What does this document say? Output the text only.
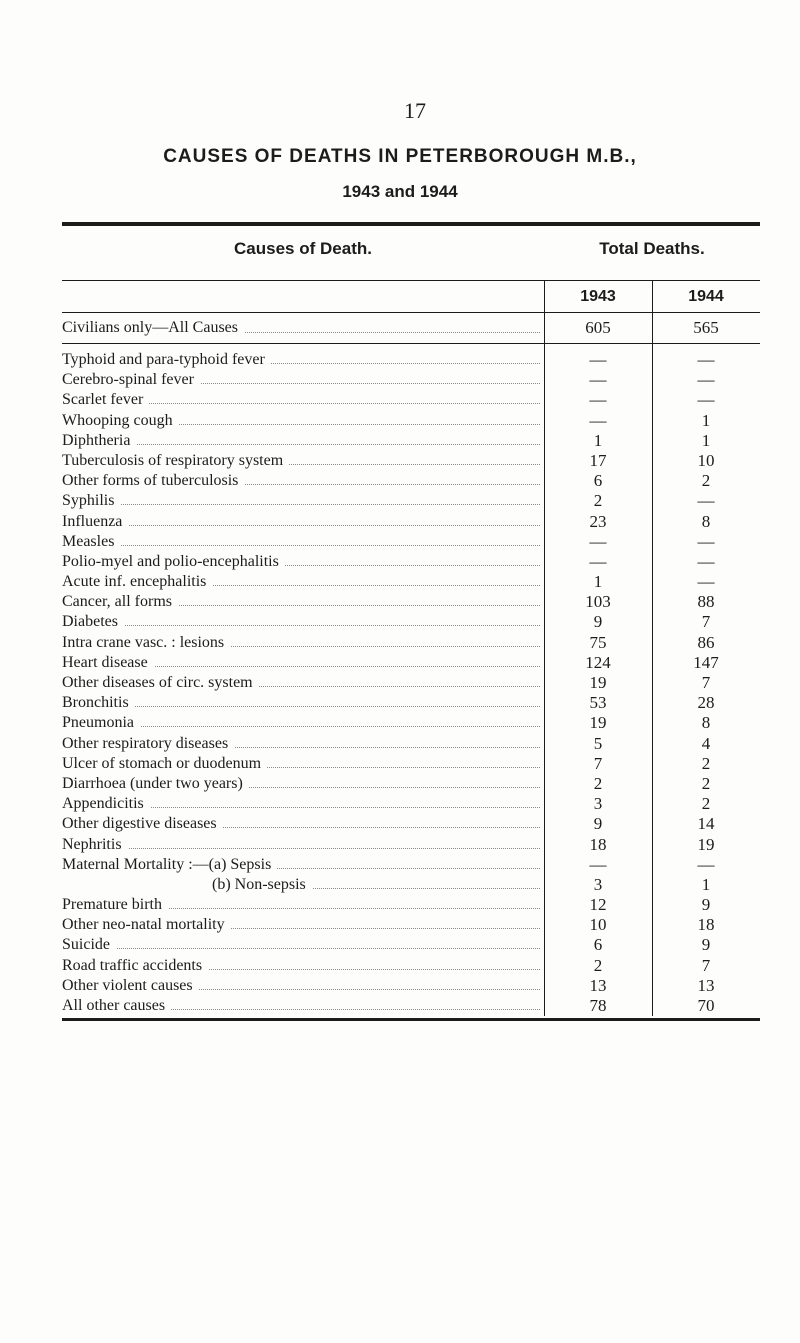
17
CAUSES OF DEATHS IN PETERBOROUGH M.B.,
1943 and 1944
Causes of Death.	Total Deaths.
1943	1944
Civilians only—All Causes	605	565
Typhoid and para-typhoid fever	—	—
Cerebro-spinal fever	—	—
Scarlet fever	—	—
Whooping cough	—	1
Diphtheria	1	1
Tuberculosis of respiratory system	17	10
Other forms of tuberculosis	6	2
Syphilis	2	—
Influenza	23	8
Measles	—	—
Polio-myel and polio-encephalitis	—	—
Acute inf. encephalitis	1	—
Cancer, all forms	103	88
Diabetes	9	7
Intra crane vasc. : lesions	75	86
Heart disease	124	147
Other diseases of circ. system	19	7
Bronchitis	53	28
Pneumonia	19	8
Other respiratory diseases	5	4
Ulcer of stomach or duodenum	7	2
Diarrhoea (under two years)	2	2
Appendicitis	3	2
Other digestive diseases	9	14
Nephritis	18	19
Maternal Mortality :—(a) Sepsis	—	—
(b) Non-sepsis	3	1
Premature birth	12	9
Other neo-natal mortality	10	18
Suicide	6	9
Road traffic accidents	2	7
Other violent causes	13	13
All other causes	78	70
